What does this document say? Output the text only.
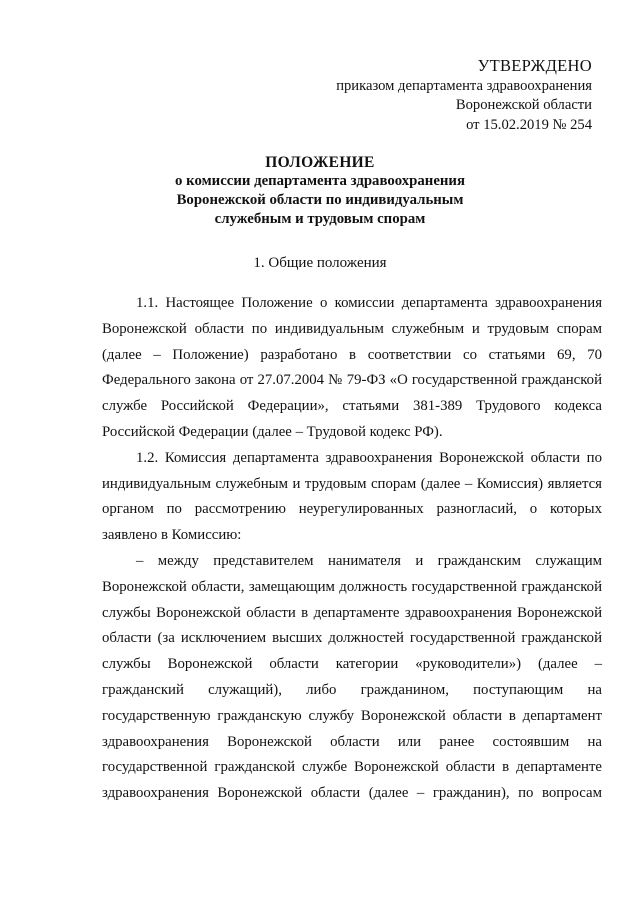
УТВЕРЖДЕНО
приказом департамента здравоохранения
Воронежской области
от 15.02.2019 № 254
ПОЛОЖЕНИЕ
о комиссии департамента здравоохранения
Воронежской области по индивидуальным
служебным и трудовым спорам
1. Общие положения

1.1. Настоящее Положение о комиссии департамента здравоохранения Воронежской области по индивидуальным служебным и трудовым спорам (далее – Положение) разработано в соответствии со статьями 69, 70 Федерального закона от 27.07.2004 № 79-ФЗ «О государственной гражданской службе Российской Федерации», статьями 381-389 Трудового кодекса Российской Федерации (далее – Трудовой кодекс РФ).

1.2. Комиссия департамента здравоохранения Воронежской области по индивидуальным служебным и трудовым спорам (далее – Комиссия) является органом по рассмотрению неурегулированных разногласий, о которых заявлено в Комиссию:

– между представителем нанимателя и гражданским служащим Воронежской области, замещающим должность государственной гражданской службы Воронежской области в департаменте здравоохранения Воронежской области (за исключением высших должностей государственной гражданской службы Воронежской области категории «руководители») (далее – гражданский служащий), либо гражданином, поступающим на государственную гражданскую службу Воронежской области в департамент здравоохранения Воронежской области или ранее состоявшим на государственной гражданской службе Воронежской области в департаменте здравоохранения Воронежской области (далее – гражданин), по вопросам
